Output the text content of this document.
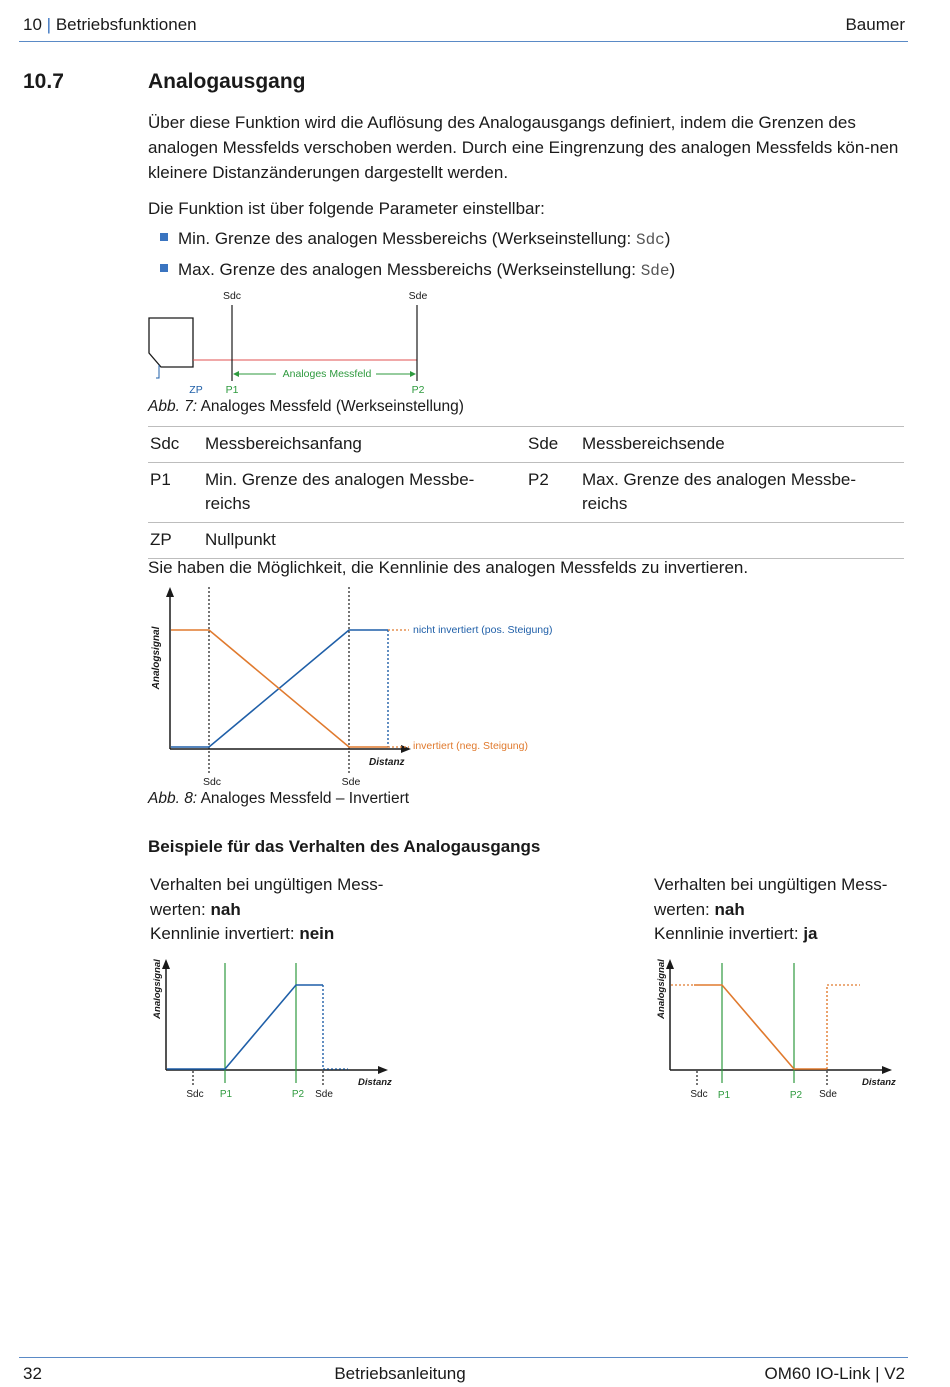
10 | Betriebsfunktionen	Baumer
10.7	Analogausgang
Über diese Funktion wird die Auflösung des Analogausgangs definiert, indem die Grenzen des analogen Messfelds verschoben werden. Durch eine Eingrenzung des analogen Messfelds kön-nen kleinere Distanzänderungen dargestellt werden.
Die Funktion ist über folgende Parameter einstellbar:
Min. Grenze des analogen Messbereichs (Werkseinstellung: Sdc)
Max. Grenze des analogen Messbereichs (Werkseinstellung: Sde)
Sdc	Sde
Analoges Messfeld
ZP P1	P2
Abb. 7: Analoges Messfeld (Werkseinstellung)
Sdc	Messbereichsanfang	Sde	Messbereichsende
P1	Min. Grenze des analogen Messbe-reichs	P2	Max. Grenze des analogen Messbe-reichs
ZP	Nullpunkt		
Sie haben die Möglichkeit, die Kennlinie des analogen Messfelds zu invertieren.
Analogsignal	nicht invertiert (pos. Steigung)
invertiert (neg. Steigung)
Distanz
Sdc	Sde
Abb. 8: Analoges Messfeld – Invertiert
Beispiele für das Verhalten des Analogausgangs
Verhalten bei ungültigen Mess-
werten: nah
Kennlinie invertiert: nein
Verhalten bei ungültigen Mess-
werten: nah
Kennlinie invertiert: ja
Analogsignal
Distanz
Sdc P1	P2 Sde
Analogsignal
Distanz
Sdc P1	P2 Sde
32	Betriebsanleitung	OM60 IO-Link | V2
